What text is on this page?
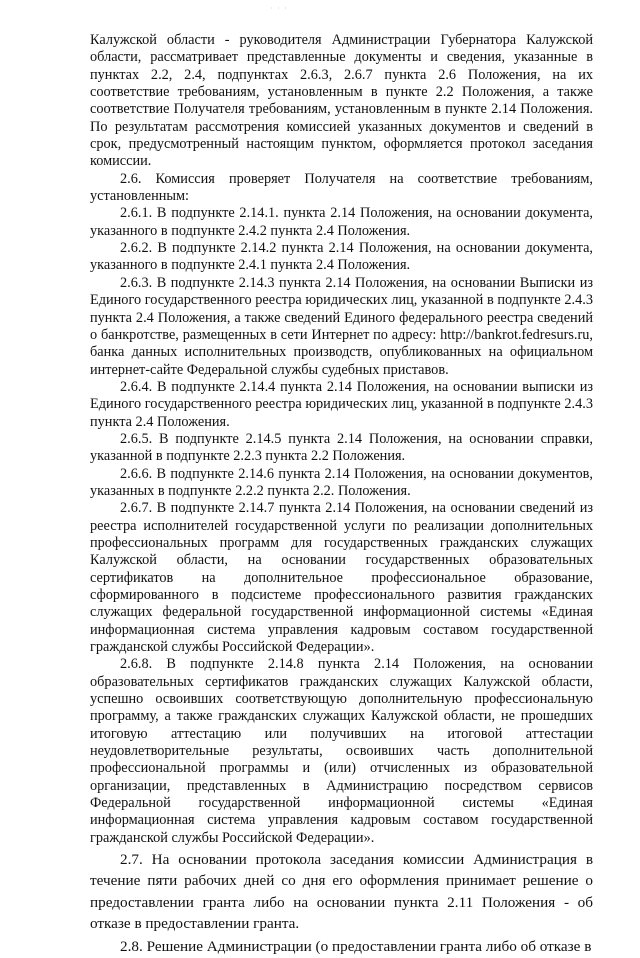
· · ·

Калужской области - руководителя Администрации Губернатора Калужской области, рассматривает представленные документы и сведения, указанные в пунктах 2.2, 2.4, подпунктах 2.6.3, 2.6.7 пункта 2.6 Положения, на их соответствие требованиям, установленным в пункте 2.2 Положения, а также соответствие Получателя требованиям, установленным в пункте 2.14 Положения. По результатам рассмотрения комиссией указанных документов и сведений в срок, предусмотренный настоящим пунктом, оформляется протокол заседания комиссии.

2.6. Комиссия проверяет Получателя на соответствие требованиям, установленным:

2.6.1. В подпункте 2.14.1. пункта 2.14 Положения, на основании документа, указанного в подпункте 2.4.2 пункта 2.4 Положения.

2.6.2. В подпункте 2.14.2 пункта 2.14 Положения, на основании документа, указанного в подпункте 2.4.1 пункта 2.4 Положения.

2.6.3. В подпункте 2.14.3 пункта 2.14 Положения, на основании Выписки из Единого государственного реестра юридических лиц, указанной в подпункте 2.4.3 пункта 2.4 Положения, а также сведений Единого федерального реестра сведений о банкротстве, размещенных в сети Интернет по адресу: http://bankrot.fedresurs.ru, банка данных исполнительных производств, опубликованных на официальном интернет-сайте Федеральной службы судебных приставов.

2.6.4. В подпункте 2.14.4 пункта 2.14 Положения, на основании выписки из Единого государственного реестра юридических лиц, указанной в подпункте 2.4.3 пункта 2.4 Положения.

2.6.5. В подпункте 2.14.5 пункта 2.14 Положения, на основании справки, указанной в подпункте 2.2.3 пункта 2.2 Положения.

2.6.6. В подпункте 2.14.6 пункта 2.14 Положения, на основании документов, указанных в подпункте 2.2.2 пункта 2.2. Положения.

2.6.7. В подпункте 2.14.7 пункта 2.14 Положения, на основании сведений из реестра исполнителей государственной услуги по реализации дополнительных профессиональных программ для государственных гражданских служащих Калужской области, на основании государственных образовательных сертификатов на дополнительное профессиональное образование, сформированного в подсистеме профессионального развития гражданских служащих федеральной государственной информационной системы «Единая информационная система управления кадровым составом государственной гражданской службы Российской Федерации».

2.6.8. В подпункте 2.14.8 пункта 2.14 Положения, на основании образовательных сертификатов гражданских служащих Калужской области, успешно освоивших соответствующую дополнительную профессиональную программу, а также гражданских служащих Калужской области, не прошедших итоговую аттестацию или получивших на итоговой аттестации неудовлетворительные результаты, освоивших часть дополнительной профессиональной программы и (или) отчисленных из образовательной организации, представленных в Администрацию посредством сервисов Федеральной государственной информационной системы «Единая информационная система управления кадровым составом государственной гражданской службы Российской Федерации».

2.7. На основании протокола заседания комиссии Администрация в течение пяти рабочих дней со дня его оформления принимает решение о предоставлении гранта либо на основании пункта 2.11 Положения - об отказе в предоставлении гранта.

2.8. Решение Администрации (о предоставлении гранта либо об отказе в
